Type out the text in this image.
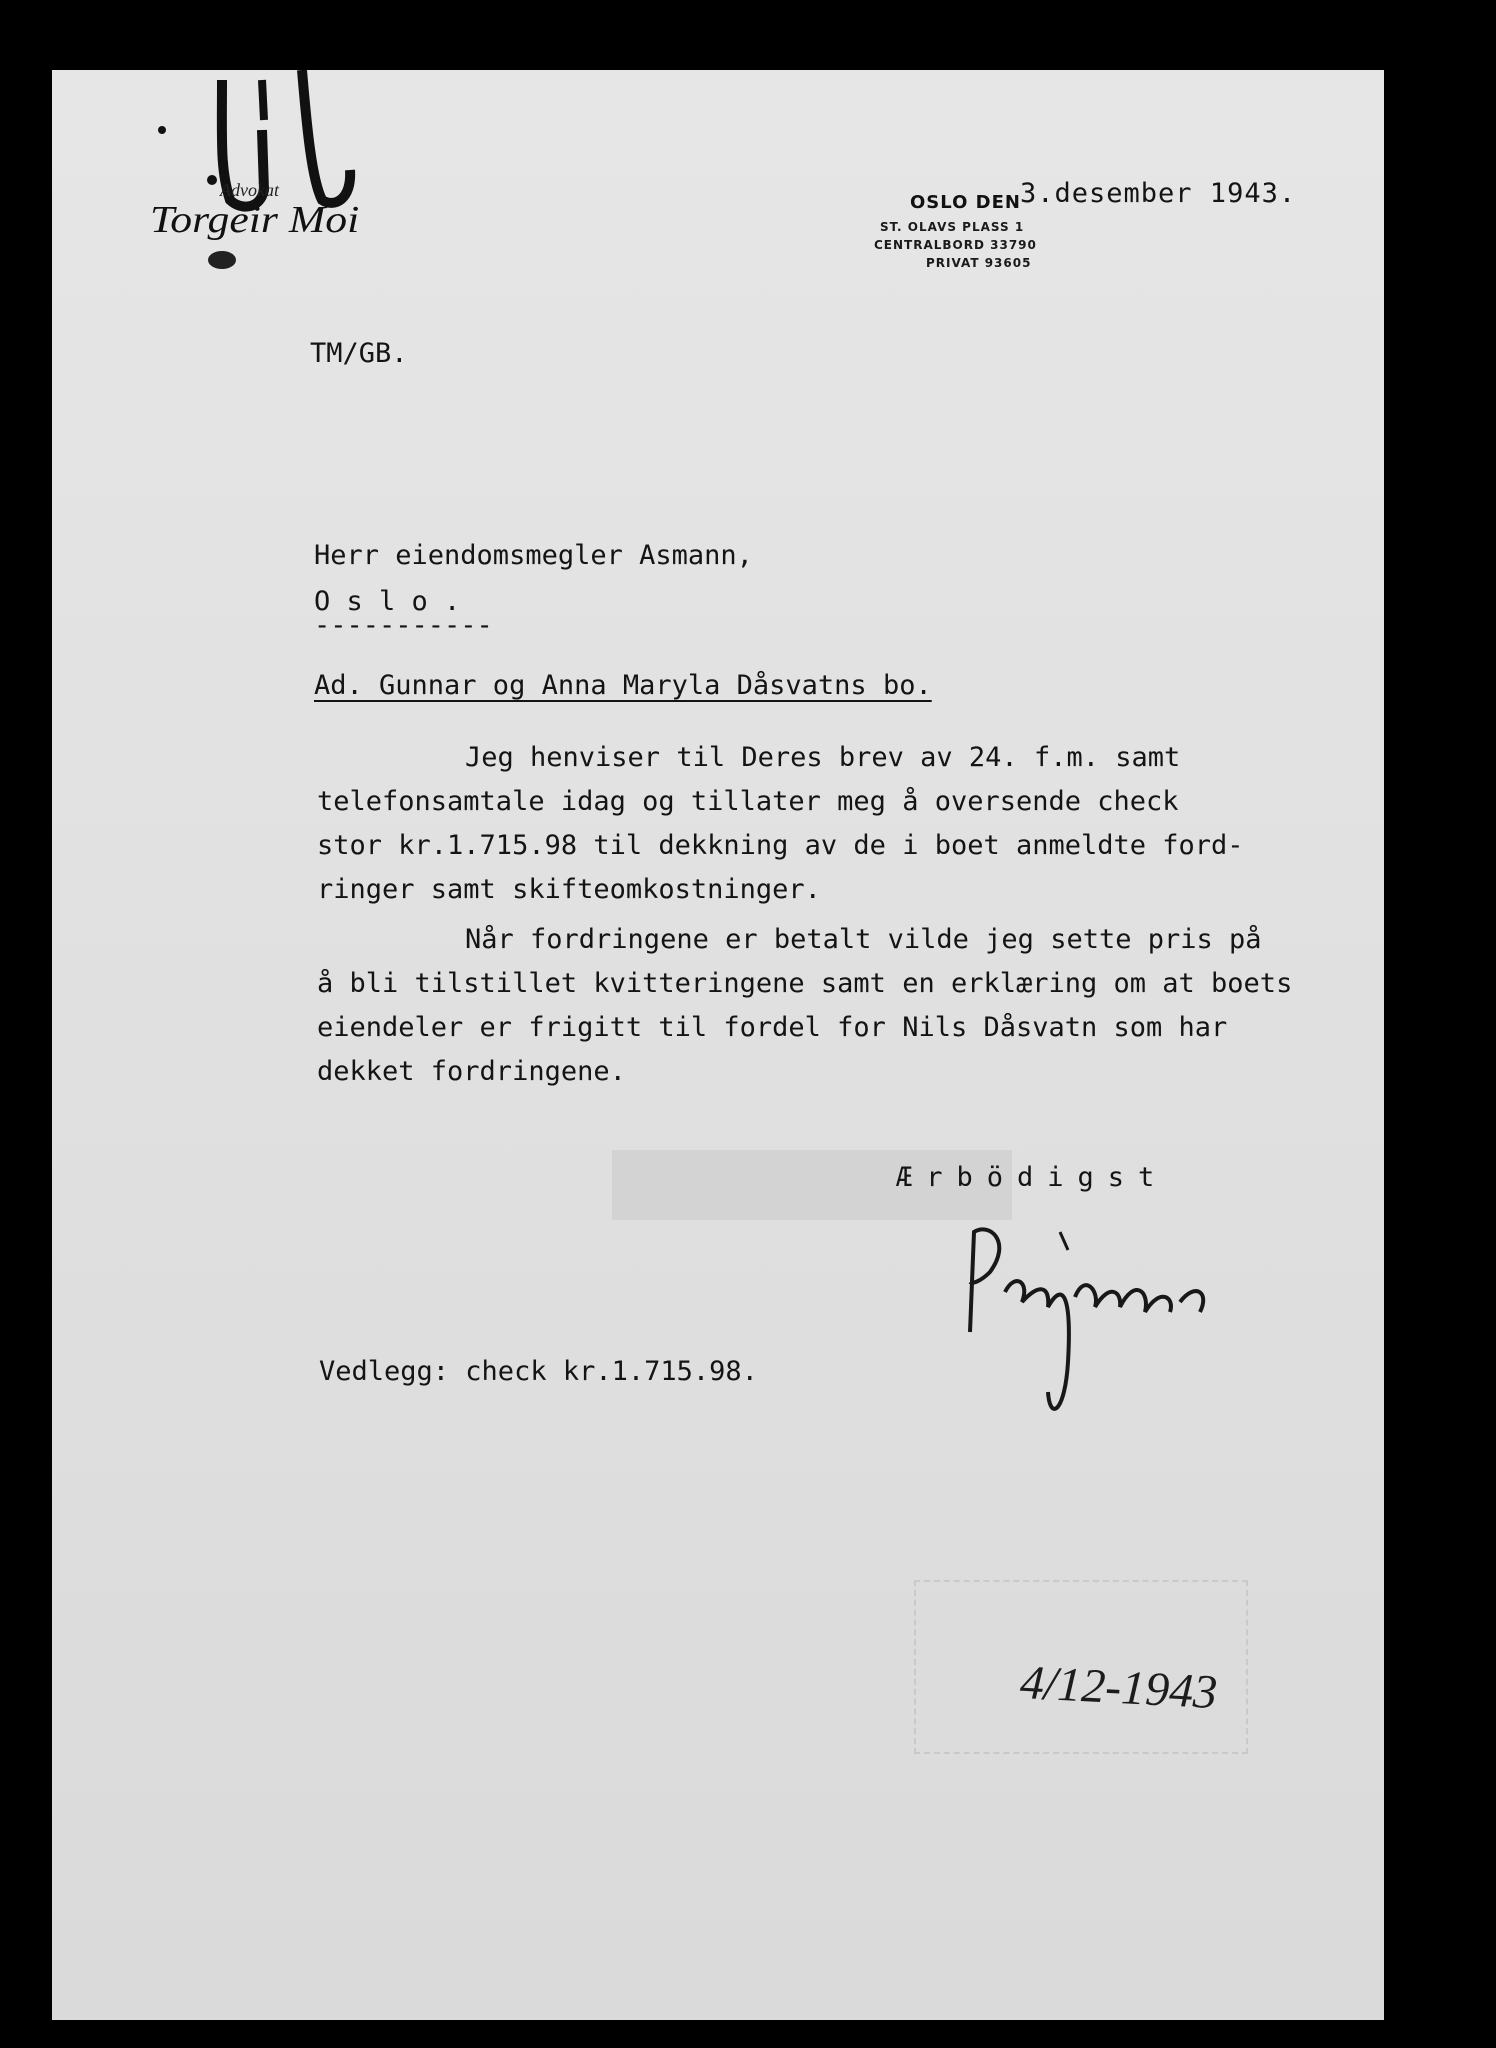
Advokat
Torgeir Moi	OSLO DEN 3.desember 1943.
ST. OLAVS PLASS 1
CENTRALBORD 33790
PRIVAT 93605
TM/GB.
Herr eiendomsmegler Asmann,
O s l o .
-----------
Ad. Gunnar og Anna Maryla Dåsvatns bo.
Jeg henviser til Deres brev av 24. f.m. samt
telefonsamtale idag og tillater meg å oversende check
stor kr.1.715.98 til dekkning av de i boet anmeldte ford-
ringer samt skifteomkostninger.
Når fordringene er betalt vilde jeg sette pris på
å bli tilstillet kvitteringene samt en erklæring om at boets
eiendeler er frigitt til fordel for Nils Dåsvatn som har
dekket fordringene.
Ærbödigst
Vedlegg: check kr.1.715.98.
4/12-1943
